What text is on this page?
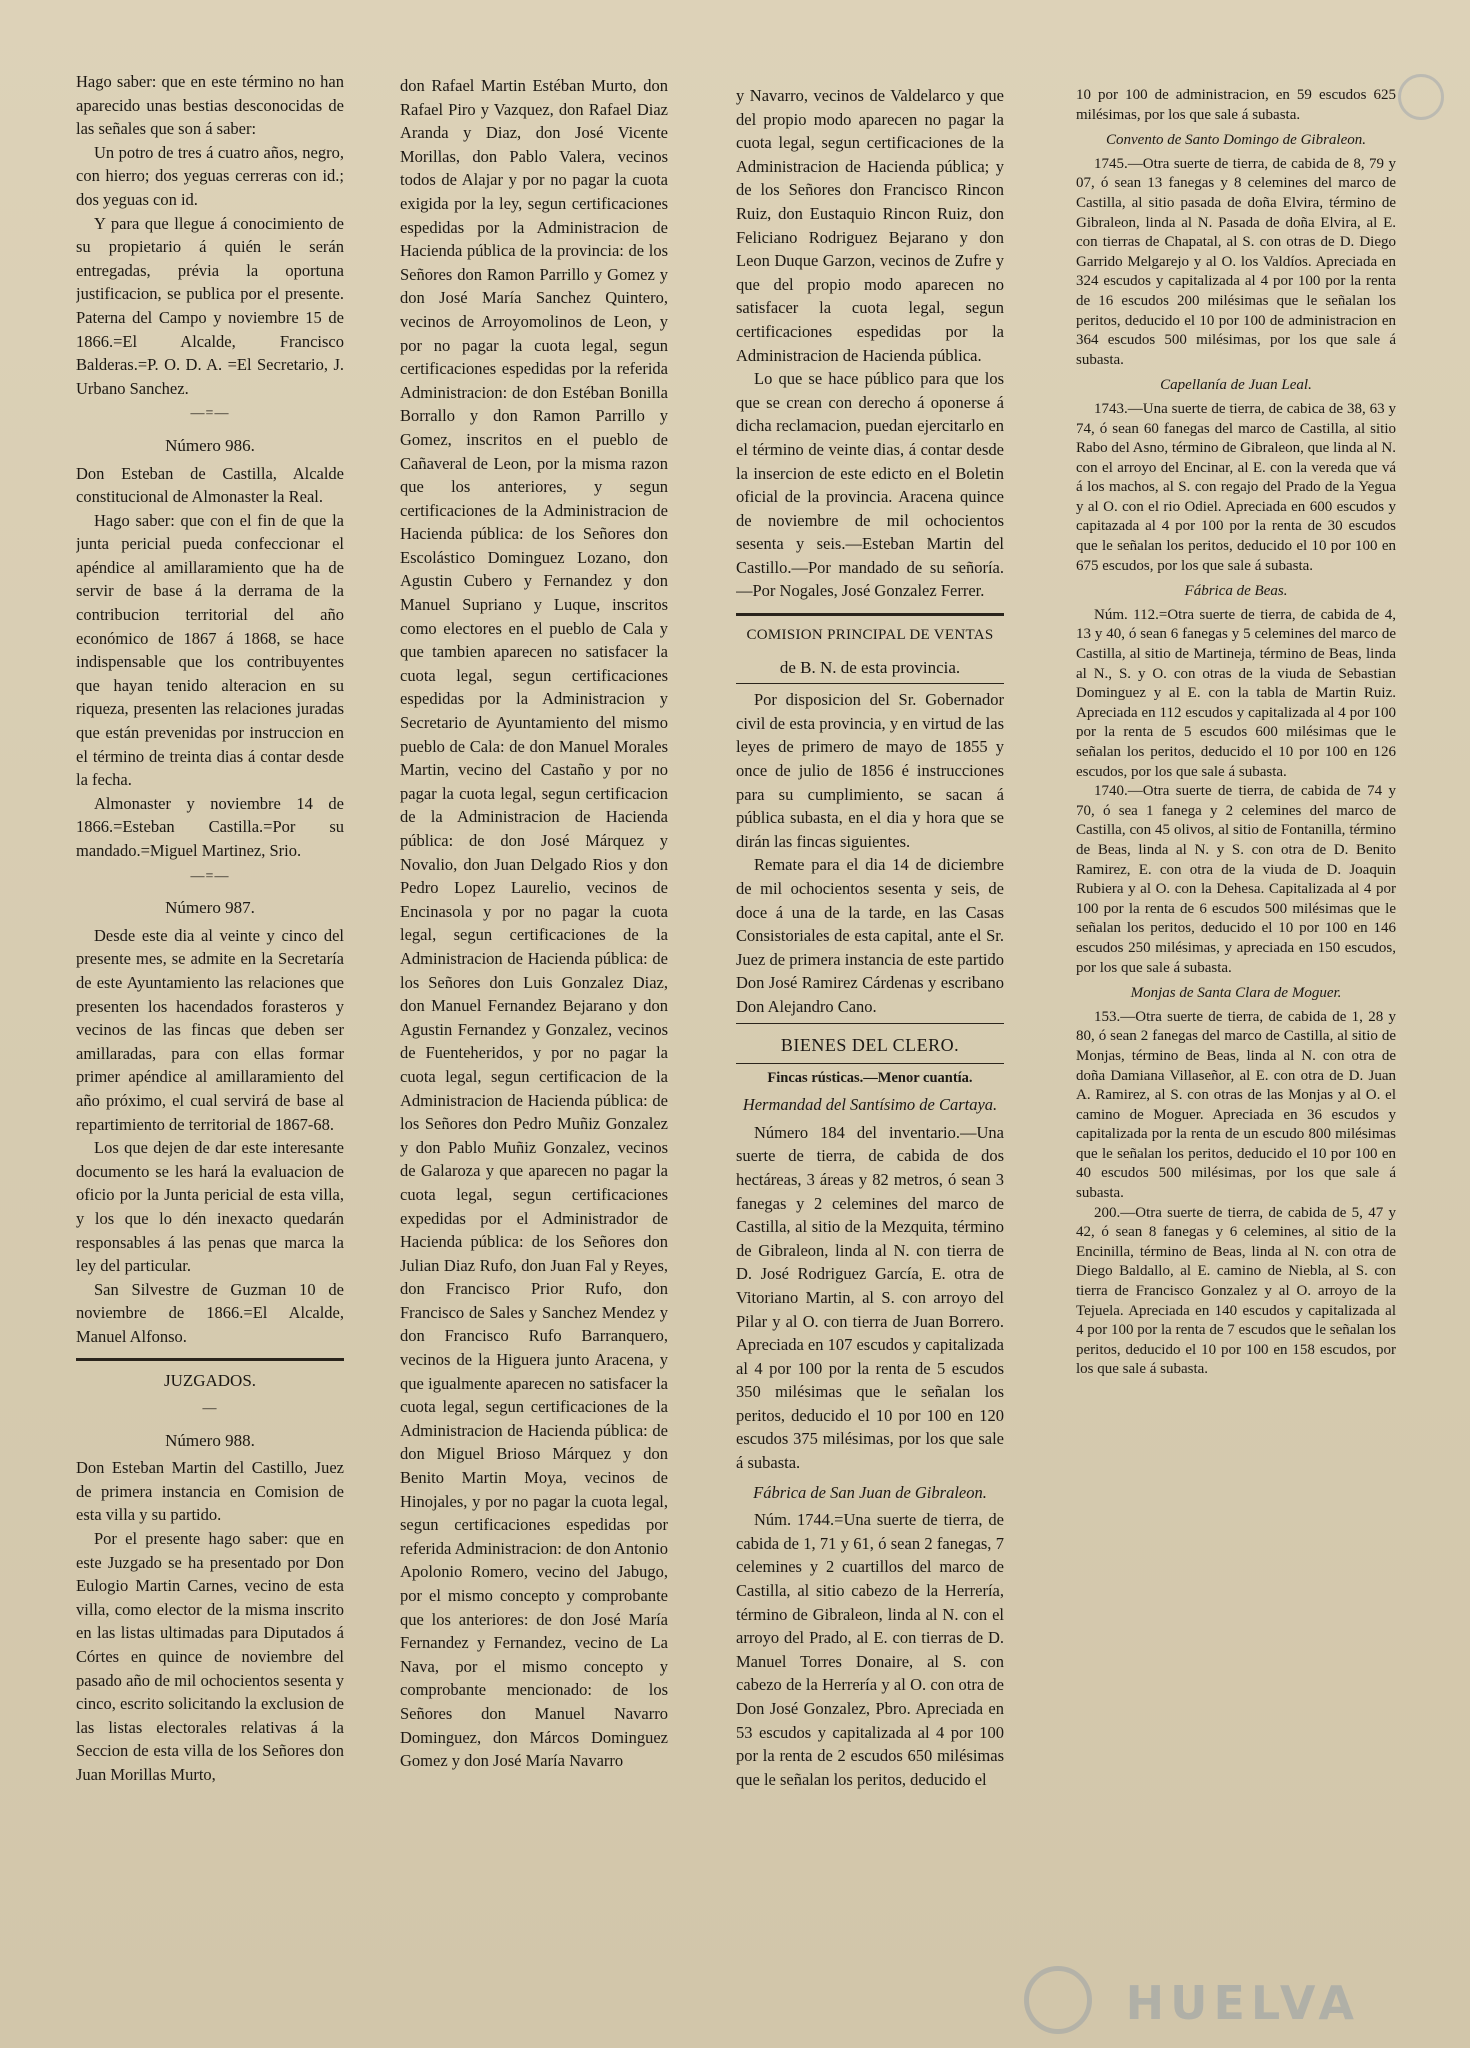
Hago saber: que en este término no han aparecido unas bestias desconocidas de las señales que son á saber:

Un potro de tres á cuatro años, negro, con hierro; dos yeguas cerreras con id.; dos yeguas con id.

Y para que llegue á conocimiento de su propietario á quién le serán entregadas, prévia la oportuna justificacion, se publica por el presente. Paterna del Campo y noviembre 15 de 1866.=El Alcalde, Francisco Balderas.=P. O. D. A. =El Secretario, J. Urbano Sanchez.

—=—
Número 986.

Don Esteban de Castilla, Alcalde constitucional de Almonaster la Real.

Hago saber: que con el fin de que la junta pericial pueda confeccionar el apéndice al amillaramiento que ha de servir de base á la derrama de la contribucion territorial del año económico de 1867 á 1868, se hace indispensable que los contribuyentes que hayan tenido alteracion en su riqueza, presenten las relaciones juradas que están prevenidas por instruccion en el término de treinta dias á contar desde la fecha.

Almonaster y noviembre 14 de 1866.=Esteban Castilla.=Por su mandado.=Miguel Martinez, Srio.

—=—
Número 987.

Desde este dia al veinte y cinco del presente mes, se admite en la Secretaría de este Ayuntamiento las relaciones que presenten los hacendados forasteros y vecinos de las fincas que deben ser amillaradas, para con ellas formar primer apéndice al amillaramiento del año próximo, el cual servirá de base al repartimiento de territorial de 1867-68.

Los que dejen de dar este interesante documento se les hará la evaluacion de oficio por la Junta pericial de esta villa, y los que lo dén inexacto quedarán responsables á las penas que marca la ley del particular.

San Silvestre de Guzman 10 de noviembre de 1866.=El Alcalde, Manuel Alfonso.

JUZGADOS.
—
Número 988.

Don Esteban Martin del Castillo, Juez de primera instancia en Comision de esta villa y su partido.

Por el presente hago saber: que en este Juzgado se ha presentado por Don Eulogio Martin Carnes, vecino de esta villa, como elector de la misma inscrito en las listas ultimadas para Diputados á Córtes en quince de noviembre del pasado año de mil ochocientos sesenta y cinco, escrito solicitando la exclusion de las listas electorales relativas á la Seccion de esta villa de los Señores don Juan Morillas Murto,

don Rafael Martin Estéban Murto, don Rafael Piro y Vazquez, don Rafael Diaz Aranda y Diaz, don José Vicente Morillas, don Pablo Valera, vecinos todos de Alajar y por no pagar la cuota exigida por la ley, segun certificaciones espedidas por la Administracion de Hacienda pública de la provincia: de los Señores don Ramon Parrillo y Gomez y don José María Sanchez Quintero, vecinos de Arroyomolinos de Leon, y por no pagar la cuota legal, segun certificaciones espedidas por la referida Administracion: de don Estéban Bonilla Borrallo y don Ramon Parrillo y Gomez, inscritos en el pueblo de Cañaveral de Leon, por la misma razon que los anteriores, y segun certificaciones de la Administracion de Hacienda pública: de los Señores don Escolástico Dominguez Lozano, don Agustin Cubero y Fernandez y don Manuel Supriano y Luque, inscritos como electores en el pueblo de Cala y que tambien aparecen no satisfacer la cuota legal, segun certificaciones espedidas por la Administracion y Secretario de Ayuntamiento del mismo pueblo de Cala: de don Manuel Morales Martin, vecino del Castaño y por no pagar la cuota legal, segun certificacion de la Administracion de Hacienda pública: de don José Márquez y Novalio, don Juan Delgado Rios y don Pedro Lopez Laurelio, vecinos de Encinasola y por no pagar la cuota legal, segun certificaciones de la Administracion de Hacienda pública: de los Señores don Luis Gonzalez Diaz, don Manuel Fernandez Bejarano y don Agustin Fernandez y Gonzalez, vecinos de Fuenteheridos, y por no pagar la cuota legal, segun certificacion de la Administracion de Hacienda pública: de los Señores don Pedro Muñiz Gonzalez y don Pablo Muñiz Gonzalez, vecinos de Galaroza y que aparecen no pagar la cuota legal, segun certificaciones expedidas por el Administrador de Hacienda pública: de los Señores don Julian Diaz Rufo, don Juan Fal y Reyes, don Francisco Prior Rufo, don Francisco de Sales y Sanchez Mendez y don Francisco Rufo Barranquero, vecinos de la Higuera junto Aracena, y que igualmente aparecen no satisfacer la cuota legal, segun certificaciones de la Administracion de Hacienda pública: de don Miguel Brioso Márquez y don Benito Martin Moya, vecinos de Hinojales, y por no pagar la cuota legal, segun certificaciones espedidas por referida Administracion: de don Antonio Apolonio Romero, vecino del Jabugo, por el mismo concepto y comprobante que los anteriores: de don José María Fernandez y Fernandez, vecino de La Nava, por el mismo concepto y comprobante mencionado: de los Señores don Manuel Navarro Dominguez, don Márcos Dominguez Gomez y don José María Navarro

y Navarro, vecinos de Valdelarco y que del propio modo aparecen no pagar la cuota legal, segun certificaciones de la Administracion de Hacienda pública; y de los Señores don Francisco Rincon Ruiz, don Eustaquio Rincon Ruiz, don Feliciano Rodriguez Bejarano y don Leon Duque Garzon, vecinos de Zufre y que del propio modo aparecen no satisfacer la cuota legal, segun certificaciones espedidas por la Administracion de Hacienda pública.

Lo que se hace público para que los que se crean con derecho á oponerse á dicha reclamacion, puedan ejercitarlo en el término de veinte dias, á contar desde la insercion de este edicto en el Boletin oficial de la provincia. Aracena quince de noviembre de mil ochocientos sesenta y seis.—Esteban Martin del Castillo.—Por mandado de su señoría.—Por Nogales, José Gonzalez Ferrer.

COMISION PRINCIPAL DE VENTAS
de B. N. de esta provincia.

Por disposicion del Sr. Gobernador civil de esta provincia, y en virtud de las leyes de primero de mayo de 1855 y once de julio de 1856 é instrucciones para su cumplimiento, se sacan á pública subasta, en el dia y hora que se dirán las fincas siguientes.

Remate para el dia 14 de diciembre de mil ochocientos sesenta y seis, de doce á una de la tarde, en las Casas Consistoriales de esta capital, ante el Sr. Juez de primera instancia de este partido Don José Ramirez Cárdenas y escribano Don Alejandro Cano.

BIENES DEL CLERO.
Fincas rústicas.—Menor cuantía.
Hermandad del Santísimo de Cartaya.

Número 184 del inventario.—Una suerte de tierra, de cabida de dos hectáreas, 3 áreas y 82 metros, ó sean 3 fanegas y 2 celemines del marco de Castilla, al sitio de la Mezquita, término de Gibraleon, linda al N. con tierra de D. José Rodriguez García, E. otra de Vitoriano Martin, al S. con arroyo del Pilar y al O. con tierra de Juan Borrero. Apreciada en 107 escudos y capitalizada al 4 por 100 por la renta de 5 escudos 350 milésimas que le señalan los peritos, deducido el 10 por 100 en 120 escudos 375 milésimas, por los que sale á subasta.

Fábrica de San Juan de Gibraleon.

Núm. 1744.=Una suerte de tierra, de cabida de 1, 71 y 61, ó sean 2 fanegas, 7 celemines y 2 cuartillos del marco de Castilla, al sitio cabezo de la Herrería, término de Gibraleon, linda al N. con el arroyo del Prado, al E. con tierras de D. Manuel Torres Donaire, al S. con cabezo de la Herrería y al O. con otra de Don José Gonzalez, Pbro. Apreciada en 53 escudos y capitalizada al 4 por 100 por la renta de 2 escudos 650 milésimas que le señalan los peritos, deducido el

10 por 100 de administracion, en 59 escudos 625 milésimas, por los que sale á subasta.

Convento de Santo Domingo de Gibraleon.

1745.—Otra suerte de tierra, de cabida de 8, 79 y 07, ó sean 13 fanegas y 8 celemines del marco de Castilla, al sitio pasada de doña Elvira, término de Gibraleon, linda al N. Pasada de doña Elvira, al E. con tierras de Chapatal, al S. con otras de D. Diego Garrido Melgarejo y al O. los Valdíos. Apreciada en 324 escudos y capitalizada al 4 por 100 por la renta de 16 escudos 200 milésimas que le señalan los peritos, deducido el 10 por 100 de administracion en 364 escudos 500 milésimas, por los que sale á subasta.

Capellanía de Juan Leal.

1743.—Una suerte de tierra, de cabica de 38, 63 y 74, ó sean 60 fanegas del marco de Castilla, al sitio Rabo del Asno, término de Gibraleon, que linda al N. con el arroyo del Encinar, al E. con la vereda que vá á los machos, al S. con regajo del Prado de la Yegua y al O. con el rio Odiel. Apreciada en 600 escudos y capitazada al 4 por 100 por la renta de 30 escudos que le señalan los peritos, deducido el 10 por 100 en 675 escudos, por los que sale á subasta.

Fábrica de Beas.

Núm. 112.=Otra suerte de tierra, de cabida de 4, 13 y 40, ó sean 6 fanegas y 5 celemines del marco de Castilla, al sitio de Martineja, término de Beas, linda al N., S. y O. con otras de la viuda de Sebastian Dominguez y al E. con la tabla de Martin Ruiz. Apreciada en 112 escudos y capitalizada al 4 por 100 por la renta de 5 escudos 600 milésimas que le señalan los peritos, deducido el 10 por 100 en 126 escudos, por los que sale á subasta.

1740.—Otra suerte de tierra, de cabida de 74 y 70, ó sea 1 fanega y 2 celemines del marco de Castilla, con 45 olivos, al sitio de Fontanilla, término de Beas, linda al N. y S. con otra de D. Benito Ramirez, E. con otra de la viuda de D. Joaquin Rubiera y al O. con la Dehesa. Capitalizada al 4 por 100 por la renta de 6 escudos 500 milésimas que le señalan los peritos, deducido el 10 por 100 en 146 escudos 250 milésimas, y apreciada en 150 escudos, por los que sale á subasta.

Monjas de Santa Clara de Moguer.

153.—Otra suerte de tierra, de cabida de 1, 28 y 80, ó sean 2 fanegas del marco de Castilla, al sitio de Monjas, término de Beas, linda al N. con otra de doña Damiana Villaseñor, al E. con otra de D. Juan A. Ramirez, al S. con otras de las Monjas y al O. el camino de Moguer. Apreciada en 36 escudos y capitalizada por la renta de un escudo 800 milésimas que le señalan los peritos, deducido el 10 por 100 en 40 escudos 500 milésimas, por los que sale á subasta.

200.—Otra suerte de tierra, de cabida de 5, 47 y 42, ó sean 8 fanegas y 6 celemines, al sitio de la Encinilla, término de Beas, linda al N. con otra de Diego Baldallo, al E. camino de Niebla, al S. con tierra de Francisco Gonzalez y al O. arroyo de la Tejuela. Apreciada en 140 escudos y capitalizada al 4 por 100 por la renta de 7 escudos que le señalan los peritos, deducido el 10 por 100 en 158 escudos, por los que sale á subasta.

HUELVA
